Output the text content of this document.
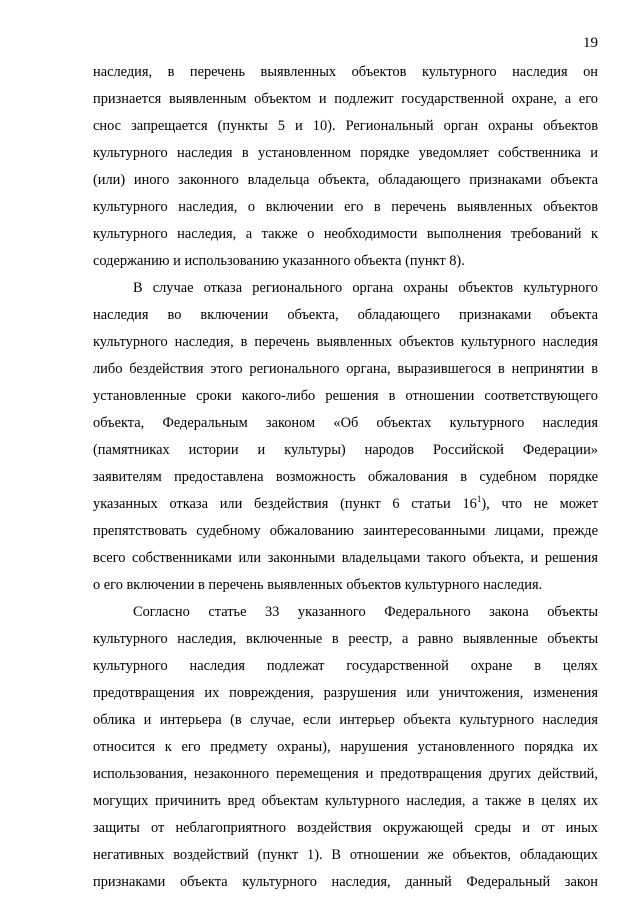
19
наследия, в перечень выявленных объектов культурного наследия он
признается выявленным объектом и подлежит государственной охране, а его
снос запрещается (пункты 5 и 10). Региональный орган охраны объектов
культурного наследия в установленном порядке уведомляет собственника и
(или) иного законного владельца объекта, обладающего признаками объекта
культурного наследия, о включении его в перечень выявленных объектов
культурного наследия, а также о необходимости выполнения требований к
содержанию и использованию указанного объекта (пункт 8).
В случае отказа регионального органа охраны объектов культурного
наследия во включении объекта, обладающего признаками объекта
культурного наследия, в перечень выявленных объектов культурного наследия
либо бездействия этого регионального органа, выразившегося в непринятии в
установленные сроки какого-либо решения в отношении соответствующего
объекта, Федеральным законом «Об объектах культурного наследия
(памятниках истории и культуры) народов Российской Федерации»
заявителям предоставлена возможность обжалования в судебном порядке
указанных отказа или бездействия (пункт 6 статьи $16^1$), что не может
препятствовать судебному обжалованию заинтересованными лицами, прежде
всего собственниками или законными владельцами такого объекта, и решения
о его включении в перечень выявленных объектов культурного наследия.
Согласно статье 33 указанного Федерального закона объекты
культурного наследия, включенные в реестр, а равно выявленные объекты
культурного наследия подлежат государственной охране в целях
предотвращения их повреждения, разрушения или уничтожения, изменения
облика и интерьера (в случае, если интерьер объекта культурного наследия
относится к его предмету охраны), нарушения установленного порядка их
использования, незаконного перемещения и предотвращения других действий,
могущих причинить вред объектам культурного наследия, а также в целях их
защиты от неблагоприятного воздействия окружающей среды и от иных
негативных воздействий (пункт 1). В отношении же объектов, обладающих
признаками объекта культурного наследия, данный Федеральный закон
